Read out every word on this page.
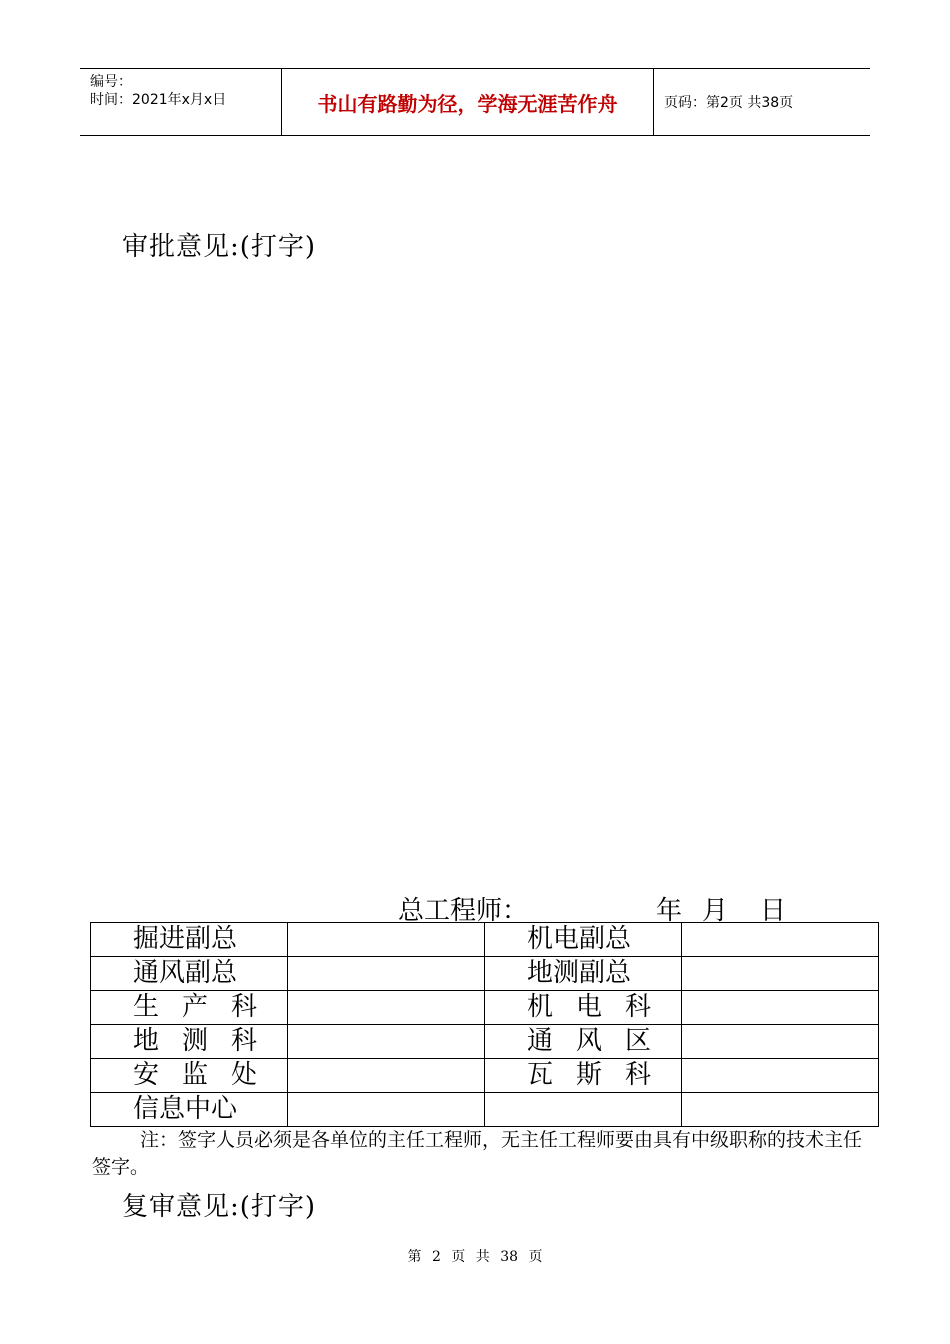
编号：
时间：2021年x月x日	书山有路勤为径，学海无涯苦作舟	页码：第2页 共38页
审批意见:(打字)
总工程师：	年 月 日
掘进副总		机电副总	
通风副总		地测副总	
生产科		机电科	
地测科		通风区	
安监处		瓦斯科	
信息中心			
注：签字人员必须是各单位的主任工程师，无主任工程师要由具有中级职称的技术主任签字。
复审意见:(打字)
第 2 页 共 38 页
